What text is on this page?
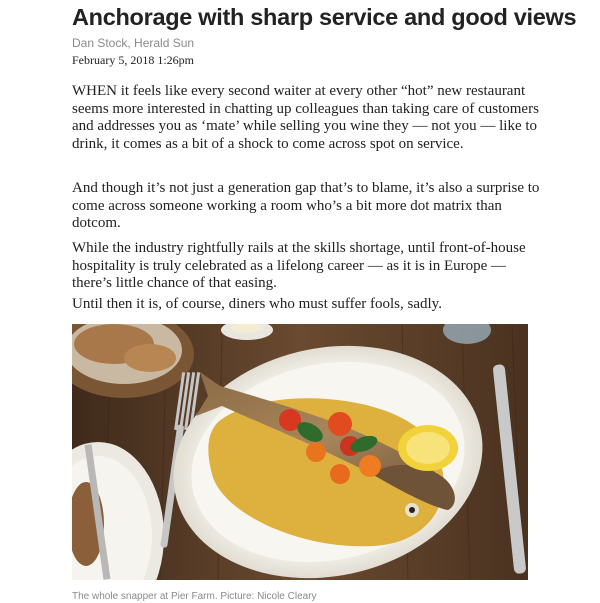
Anchorage with sharp service and good views
Dan Stock, Herald Sun
February 5, 2018 1:26pm

WHEN it feels like every second waiter at every other “hot” new restaurant seems more interested in chatting up colleagues than taking care of customers and addresses you as ‘mate’ while selling you wine they — not you — like to drink, it comes as a bit of a shock to come across spot on service.

And though it’s not just a generation gap that’s to blame, it’s also a surprise to come across someone working a room who’s a bit more dot matrix than dotcom.

While the industry rightfully rails at the skills shortage, until front-of-house hospitality is truly celebrated as a lifelong career — as it is in Europe — there’s little chance of that easing.

Until then it is, of course, diners who must suffer fools, sadly.

The whole snapper at Pier Farm. Picture: Nicole Cleary
